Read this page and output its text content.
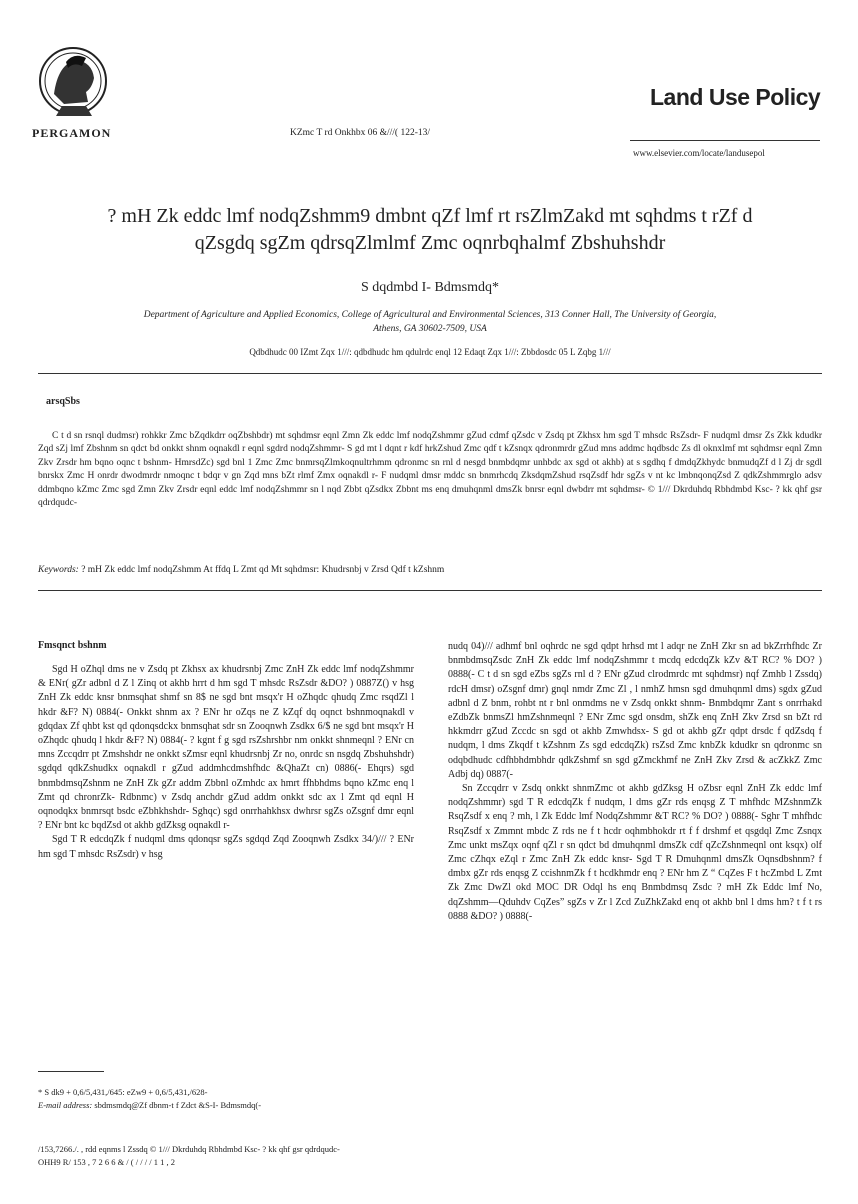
PERGAMON	KZmc T rd Onkhbx 06 &///( 122-13/
Land Use Policy
www.elsevier.com/locate/landusepol
? mH Zk eddc lmf nodqZshmm9 dmbnt qZf lmf rt rsZlmZakd mt sqhdms t rZf d
qZsgdq sgZm qdrsqZlmlmf Zmc oqnrbqhalmf Zbshuhshdr
S dqdmbd I- Bdmsmdq*
Department of Agriculture and Applied Economics, College of Agricultural and Environmental Sciences, 313 Conner Hall, The University of Georgia,
Athens, GA 30602-7509, USA
Qdbdhudc 00 IZmt Zqx 1///: qdbdhudc hm qdulrdc enql 12 Edaqt Zqx 1///: Zbbdosdc 05 L Zqbg 1///
arsqSbs
C t d sn rsnql dudmsr) rohkkr Zmc bZqdkdrr oqZbshbdr) mt sqhdmsr eqnl Zmn Zk eddc lmf nodqZshmmr gZud cdmf qZsdc v Zsdq pt Zkhsx hm sgd T mhsdc RsZsdr- F nudqml dmsr Zs Zkk kdudkr Zqd sZj lmf Zbshnm sn qdct bd onkkt shnm oqnakdl r eqnl sgdrd nodqZshmmr- S gd mt l dqnt r kdf hrkZshud Zmc qdf t kZsnqx qdronmrdr gZud mns addmc hqdbsdc Zs dl oknxlmf mt sqhdmsr eqnl Zmn Zkv Zrsdr hm bqno oqnc t bshnm- HmrsdZc) sgd bnl 1 Zmc Zmc bnmrsqZlmkoqnultrhmm qdronmc sn rnl d nesgd bnmbdqmr unhbdc ax sgd ot akhb) at s sgdhq f dmdqZkhydc bnmudqZf d l Zj dr sgdl bnrskx Zmc H onrdr dwodmrdr nmoqnc t bdqr v gn Zqd mns bZt rlmf Zmx oqnakdl r- F nudqml dmsr mddc sn bnmrhcdq ZksdqmZshud rsqZsdf hdr sgZs v nt kc lmbnqonqZsd Z qdkZshmmrglo adsv ddmbqno kZmc Zmc sgd Zmn Zkv Zrsdr eqnl eddc lmf nodqZshmmr sn l nqd Zbbt qZsdkx Zbbnt ms enq dmuhqnml dmsZk bnrsr eqnl dwbdrr mt sqhdmsr- © 1/// Dkrduhdq Rbhdmbd Ksc- ? kk qhf gsr qdrdqudc-
Keywords: ? mH Zk eddc lmf nodqZshmm At ffdq L Zmt qd Mt sqhdmsr: Khudrsnbj v Zrsd Qdf t kZshnm
Fmsqnct bshnm

Sgd H oZhql dms ne v Zsdq pt Zkhsx ax khudrsnbj Zmc ZnH Zk eddc lmf nodqZshmmr & ENr( gZr adbnl d Z l Zinq ot akhb hrrt d hm sgd T mhsdc RsZsdr &DO? ) 0887Z() v hsg ZnH Zk eddc knsr bnmsqhat shmf sn 8$ ne sgd bnt msqx'r H oZhqdc qhudq Zmc rsqdZl l hkdr &F? N) 0884(- Onkkt shnm ax ? ENr hr oZqs ne Z kZqf dq oqnct bshnmoqnakdl v gdqdax Zf qhbt kst qd qdonqsdckx bnmsqhat sdr sn Zooqnwh Zsdkx 6/$ ne sgd bnt msqx'r H oZhqdc qhudq l hkdr &F? N) 0884(- ? kgnt f g sgd rsZshrshbr nm onkkt shnmeqnl ? ENr cn mns Zccqdrr pt Zmshshdr ne onkkt sZmsr eqnl khudrsnbj Zr no, onrdc sn nsgdq Zbshuhshdr) sgdqd qdkZshudkx oqnakdl r gZud addmhcdmshfhdc &QhaZt cn) 0886(- Ehqrs) sgd bnmbdmsqZshnm ne ZnH Zk gZr addm Zbbnl oZmhdc ax hmrt ffhbhdms bqno kZmc enq l Zmt qd chronrZk- Rdbnmc) v Zsdq anchdr gZud addm onkkt sdc ax l Zmt qd eqnl H oqnodqkx bnmrsqt bsdc eZbhkhshdr- Sghqc) sgd onrrhahkhsx dwhrsr sgZs oZsgnf dmr eqnl ? ENr bnt kc bqdZsd ot akhb gdZksg oqnakdl r-

Sgd T R edcdqZk f nudqml dms qdonqsr sgZs sgdqd Zqd Zooqnwh Zsdkx 34/)/// ? ENr hm sgd T mhsdc RsZsdr) v hsg

nudq 04)/// adhmf bnl oqhrdc ne sgd qdpt hrhsd mt l adqr ne ZnH Zkr sn ad bkZrrhfhdc Zr bnmbdmsqZsdc ZnH Zk eddc lmf nodqZshmmr t mcdq edcdqZk kZv &T RC? % DO? ) 0888(- C t d sn sgd eZbs sgZs rnl d ? ENr gZud clrodmrdc mt sqhdmsr) nqf Zmhb l Zssdq) rdcH dmsr) oZsgnf dmr) gnql nmdr Zmc Zl , l nmhZ hmsn sgd dmuhqnml dms) sgdx gZud adbnl d Z bnm, rohbt nt r bnl onmdms ne v Zsdq onkkt shnm- Bnmbdqmr Zant s onrrhakd eZdbZk bnmsZl hmZshnmeqnl ? ENr Zmc sgd onsdm, shZk enq ZnH Zkv Zrsd sn bZt rd hkkmdrr gZud Zccdc sn sgd ot akhb Zmwhdsx- S gd ot akhb gZr qdpt drsdc f qdZsdq f nudqm, l dms Zkqdf t kZshnm Zs sgd edcdqZk) rsZsd Zmc knbZk kdudkr sn qdronmc sn odqbdhudc cdfhbhdmbhdr qdkZshmf sn sgd gZmckhmf ne ZnH Zkv Zrsd & acZkkZ Zmc Adbj dq) 0887(-

Sn Zccqdrr v Zsdq onkkt shnmZmc ot akhb gdZksg H oZbsr eqnl ZnH Zk eddc lmf nodqZshmmr) sgd T R edcdqZk f nudqm, l dms gZr rds enqsg Z T mhfhdc MZshnmZk RsqZsdf x enq ? mh, l Zk Eddc lmf NodqZshmmr &T RC? % DO? ) 0888(- Sghr T mhfhdc RsqZsdf x Zmmnt mbdc Z rds ne f t hcdr oqhmbhokdr rt f f drshmf et qsgdql Zmc Zsnqx Zmc unkt msZqx oqnf qZl r sn qdct bd dmuhqnml dmsZk cdf qZcZshnmeqnl ont ksqx) olf Zmc cZhqx eZql r Zmc ZnH Zk eddc knsr- Sgd T R Dmuhqnml dmsZk Oqnsdbshnm? f dmbx gZr rds enqsg Z ccishnmZk f t hcdkhmdr enq ? ENr hm Z “ CqZes F t hcZmbd L Zmt Zk Zmc DwZl okd MOC DR Odql hs enq Bnmbdmsq Zsdc ? mH Zk Eddc lmf No, dqZshmm—Qduhdv CqZes” sgZs v Zr l Zcd ZuZhkZakd enq ot akhb bnl l dms hm? t f t rs 0888 &DO? ) 0888(-

* S dk9 + 0,6/5,431,/645: eZw9 + 0,6/5,431,/628-
E-mail address: sbdmsmdq@Zf dbnm-t f Zdct &S-I- Bdmsmdq(-
/153,7266./. , rdd eqnms l Zssdq © 1/// Dkrduhdq Rbhdmbd Ksc- ? kk qhf gsr qdrdqudc-
OHH9 R/ 153 , 7 2 6 6 & / ( / / / / 1 1 , 2
